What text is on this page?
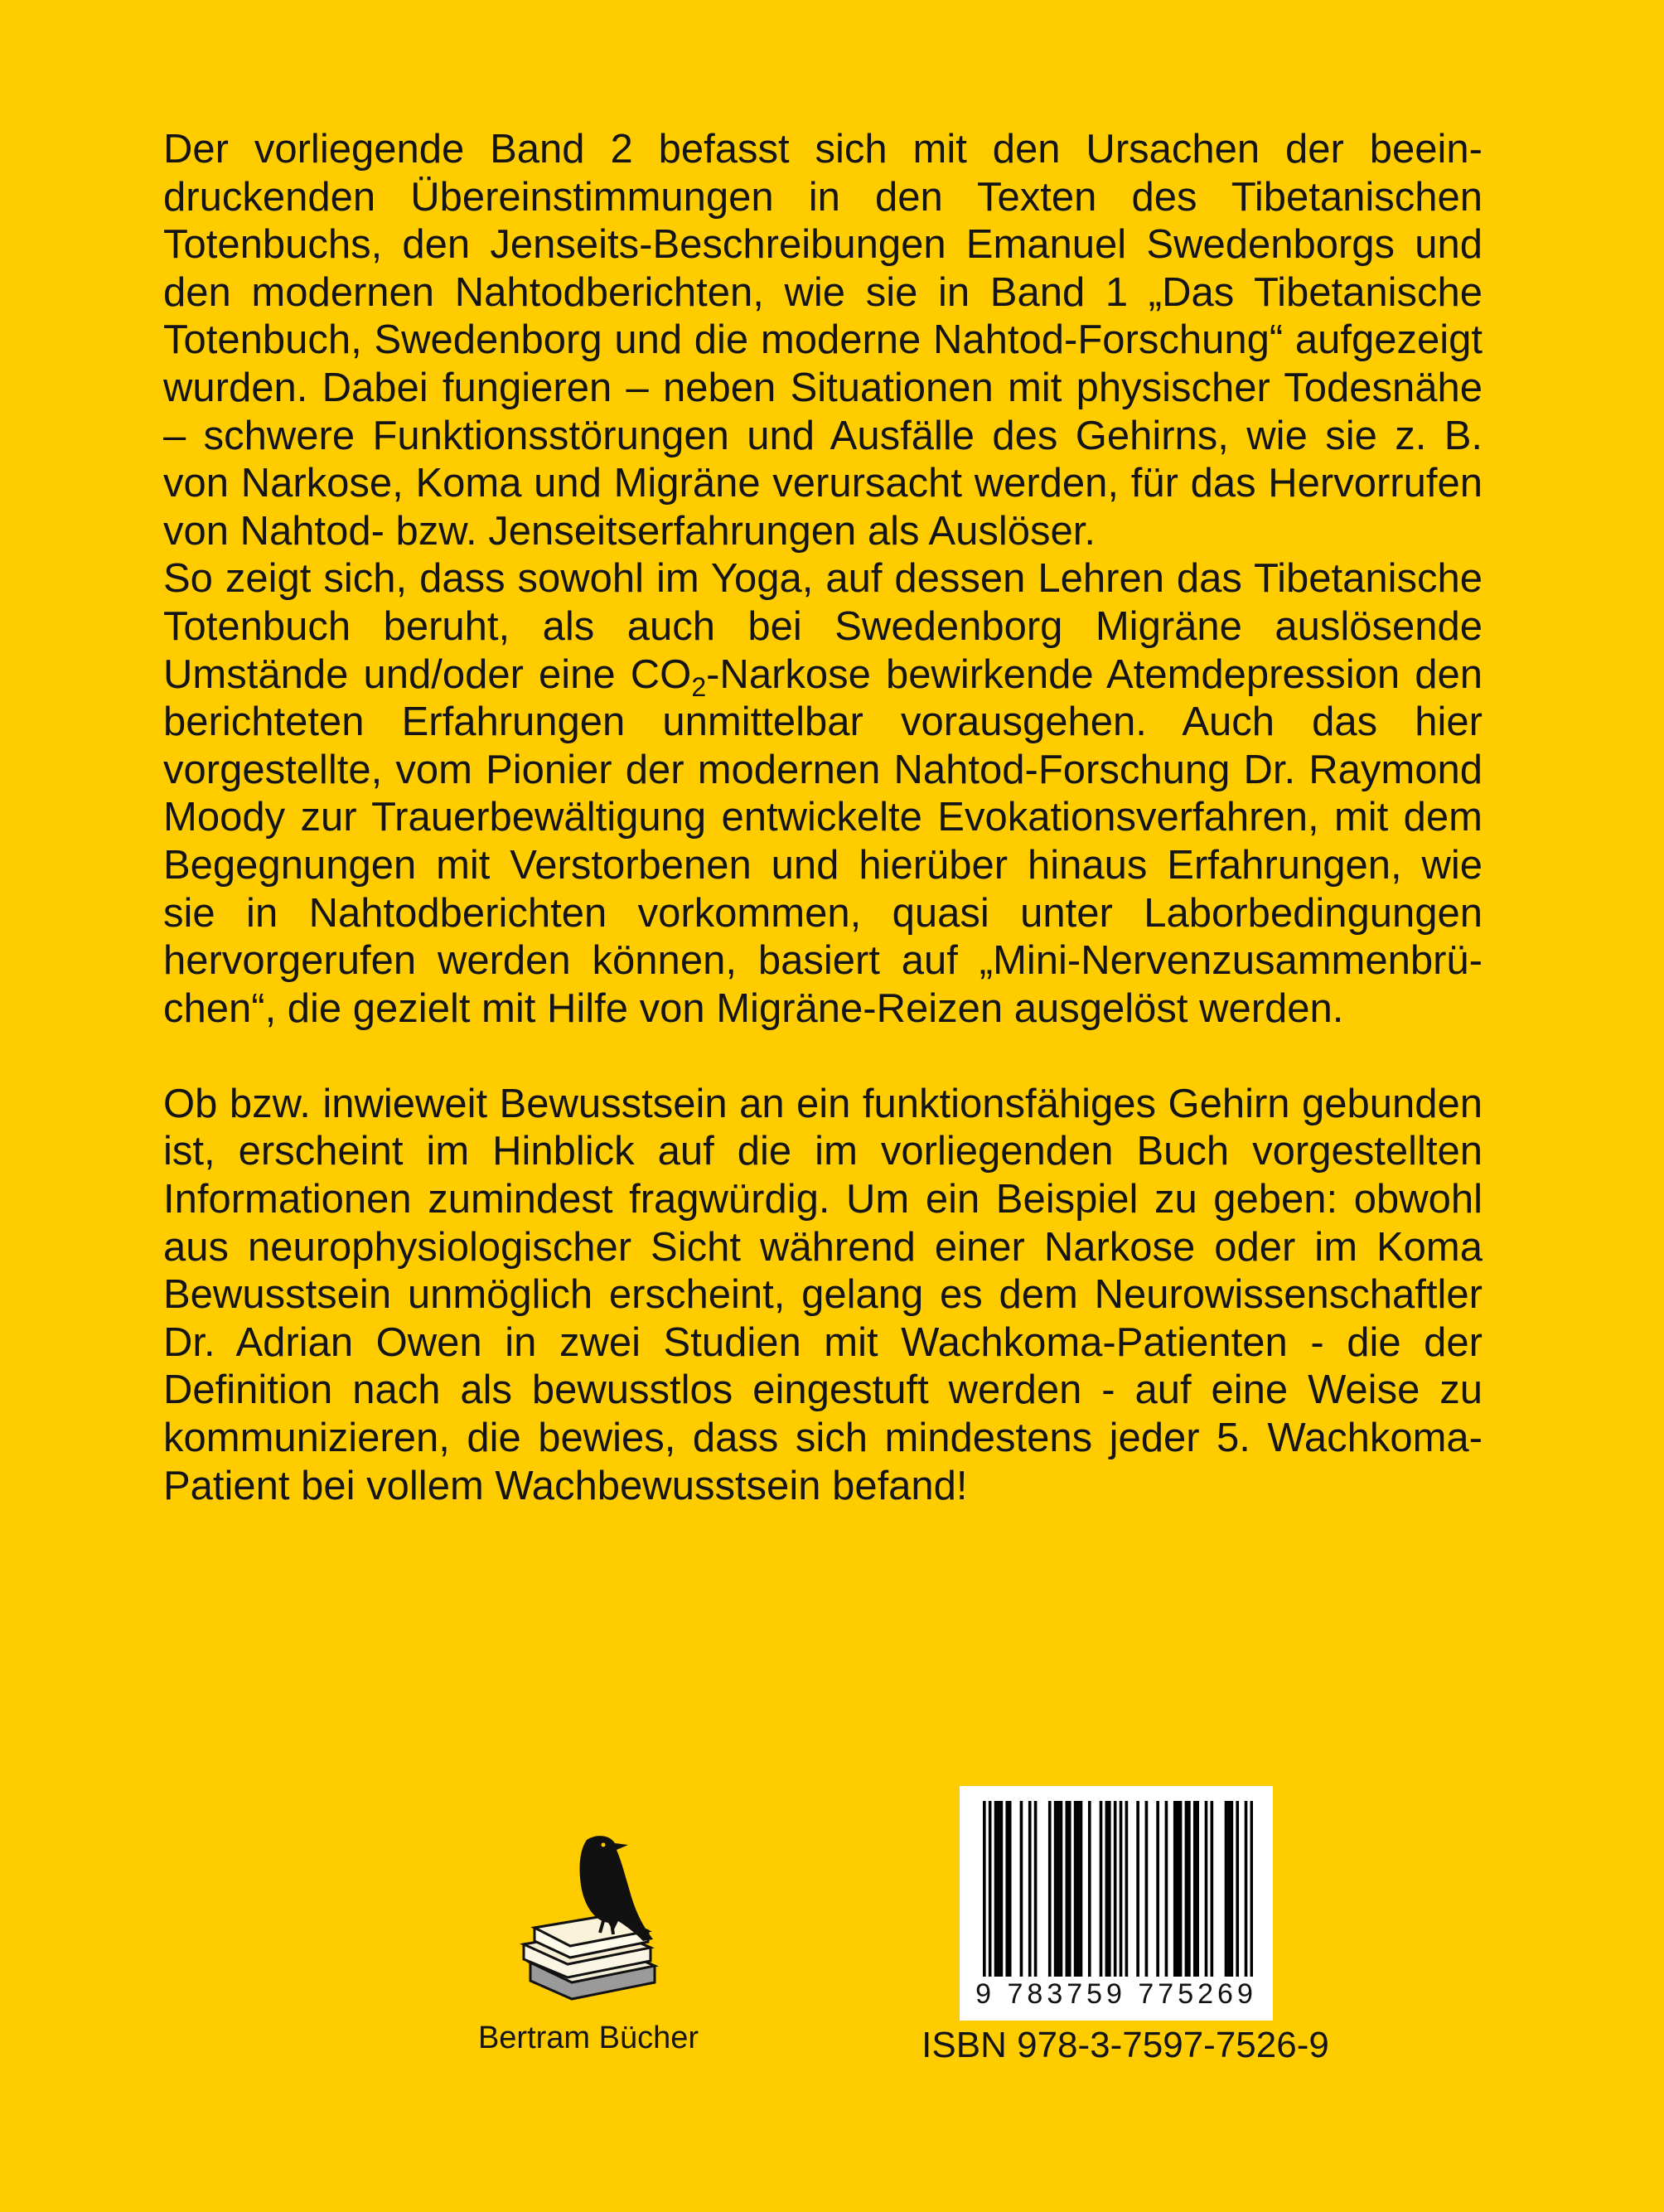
Der vorliegende Band 2 befasst sich mit den Ursachen der beeindruckenden Übereinstimmungen in den Texten des Tibetanischen Totenbuchs, den Jenseits-Beschreibungen Emanuel Swedenborgs und den modernen Nahtodberichten, wie sie in Band 1 „Das Tibetanische Totenbuch, Swedenborg und die moderne Nahtod-Forschung“ aufgezeigt wurden. Dabei fungieren – neben Situationen mit physischer Todesnähe – schwere Funktionsstörungen und Ausfälle des Gehirns, wie sie z. B. von Narkose, Koma und Migräne verursacht werden, für das Hervorrufen von Nahtod- bzw. Jenseitserfahrungen als Auslöser.

So zeigt sich, dass sowohl im Yoga, auf dessen Lehren das Tibetanische Totenbuch beruht, als auch bei Swedenborg Migräne auslösende Umstände und/oder eine $CO_2$-Narkose bewirkende Atemdepression den berichteten Erfahrungen unmittelbar vorausgehen. Auch das hier vorgestellte, vom Pionier der modernen Nahtod-Forschung Dr. Raymond Moody zur Trauerbewältigung entwickelte Evokationsverfahren, mit dem Begegnungen mit Verstorbenen und hierüber hinaus Erfahrungen, wie sie in Nahtodberichten vorkommen, quasi unter Laborbedingungen hervorgerufen werden können, basiert auf „Mini-Nervenzusammenbrüchen“, die gezielt mit Hilfe von Migräne-Reizen ausgelöst werden.

Ob bzw. inwieweit Bewusstsein an ein funktionsfähiges Gehirn gebunden ist, erscheint im Hinblick auf die im vorliegenden Buch vorgestellten Informationen zumindest fragwürdig. Um ein Beispiel zu geben: obwohl aus neurophysiologischer Sicht während einer Narkose oder im Koma Bewusstsein unmöglich erscheint, gelang es dem Neurowissenschaftler Dr. Adrian Owen in zwei Studien mit Wachkoma-Patienten - die der Definition nach als bewusstlos eingestuft werden - auf eine Weise zu kommunizieren, die bewies, dass sich mindestens jeder 5. Wachkoma-Patient bei vollem Wachbewusstsein befand!

Bertram Bücher
9 783759 775269
ISBN 978-3-7597-7526-9
